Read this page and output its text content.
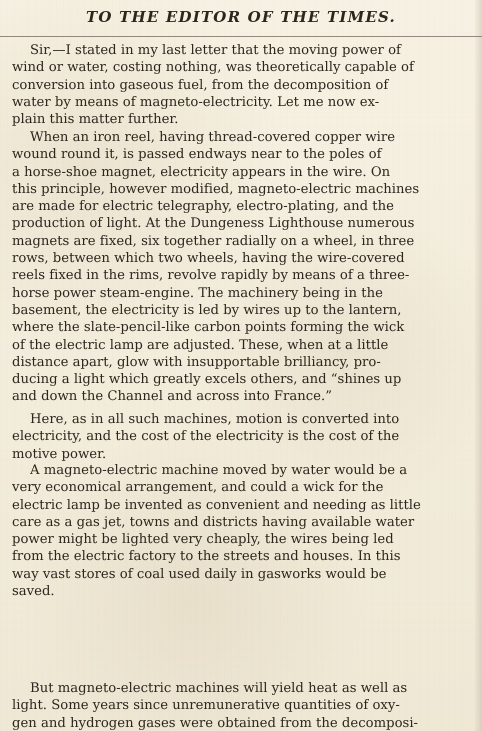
TO THE EDITOR OF THE TIMES.
Sir,—I stated in my last letter that the moving power of
wind or water, costing nothing, was theoretically capable of
conversion into gaseous fuel, from the decomposition of
water by means of magneto-electricity. Let me now ex-
plain this matter further.
When an iron reel, having thread-covered copper wire
wound round it, is passed endways near to the poles of
a horse-shoe magnet, electricity appears in the wire. On
this principle, however modified, magneto-electric machines
are made for electric telegraphy, electro-plating, and the
production of light. At the Dungeness Lighthouse numerous
magnets are fixed, six together radially on a wheel, in three
rows, between which two wheels, having the wire-covered
reels fixed in the rims, revolve rapidly by means of a three-
horse power steam-engine. The machinery being in the
basement, the electricity is led by wires up to the lantern,
where the slate-pencil-like carbon points forming the wick
of the electric lamp are adjusted. These, when at a little
distance apart, glow with insupportable brilliancy, pro-
ducing a light which greatly excels others, and “shines up
and down the Channel and across into France.”
Here, as in all such machines, motion is converted into
electricity, and the cost of the electricity is the cost of the
motive power.
A magneto-electric machine moved by water would be a
very economical arrangement, and could a wick for the
electric lamp be invented as convenient and needing as little
care as a gas jet, towns and districts having available water
power might be lighted very cheaply, the wires being led
from the electric factory to the streets and houses. In this
way vast stores of coal used daily in gasworks would be
saved.
But magneto-electric machines will yield heat as well as
light. Some years since unremunerative quantities of oxy-
gen and hydrogen gases were obtained from the decomposi-
